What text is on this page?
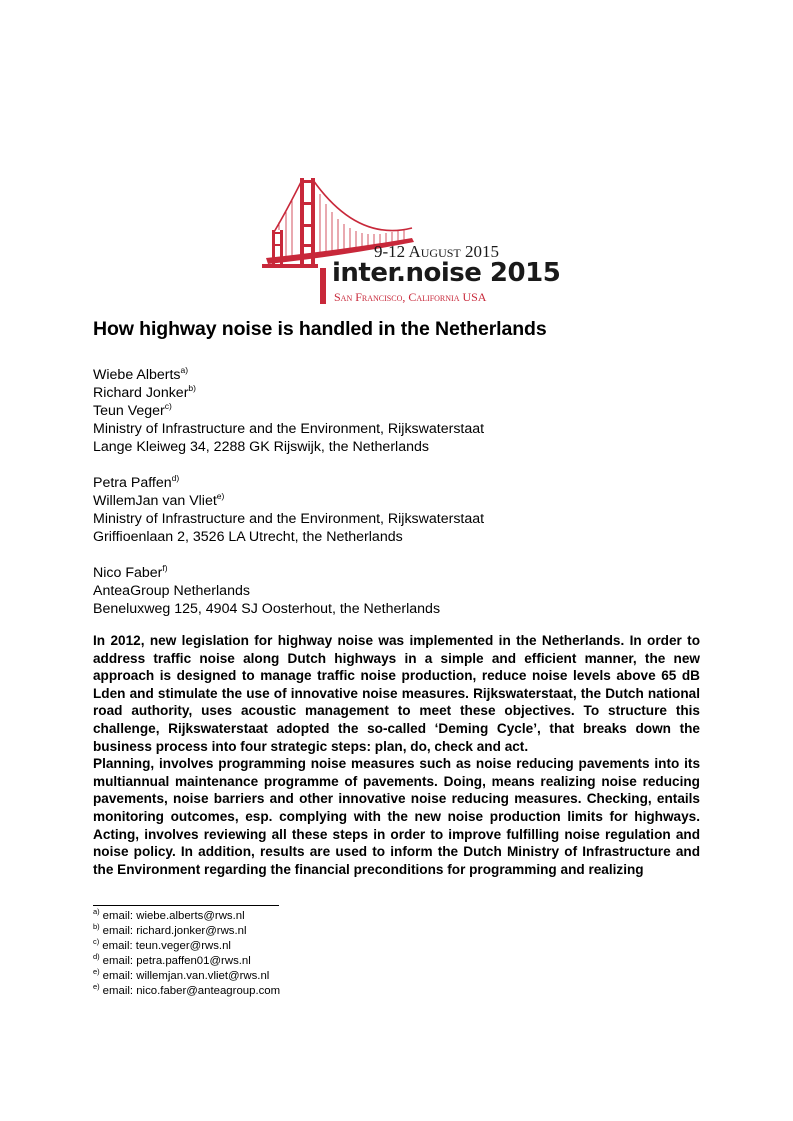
9-12 August 2015
inter.noise 2015
San Francisco, California USA
How highway noise is handled in the Netherlands
Wiebe Alberts$^{a)}$
Richard Jonker$^{b)}$
Teun Veger$^{c)}$
Ministry of Infrastructure and the Environment, Rijkswaterstaat
Lange Kleiweg 34, 2288 GK Rijswijk, the Netherlands
Petra Paffen$^{d)}$
WillemJan van Vliet$^{e)}$
Ministry of Infrastructure and the Environment, Rijkswaterstaat
Griffioenlaan 2, 3526 LA Utrecht, the Netherlands
Nico Faber$^{f)}$
AnteaGroup Netherlands
Beneluxweg 125, 4904 SJ Oosterhout, the Netherlands

In 2012, new legislation for highway noise was implemented in the Netherlands. In order to address traffic noise along Dutch highways in a simple and efficient manner, the new approach is designed to manage traffic noise production, reduce noise levels above 65 dB Lden and stimulate the use of innovative noise measures. Rijkswaterstaat, the Dutch national road authority, uses acoustic management to meet these objectives. To structure this challenge, Rijkswaterstaat adopted the so-called ‘Deming Cycle’, that breaks down the business process into four strategic steps: plan, do, check and act.

Planning, involves programming noise measures such as noise reducing pavements into its multiannual maintenance programme of pavements. Doing, means realizing noise reducing pavements, noise barriers and other innovative noise reducing measures. Checking, entails monitoring outcomes, esp. complying with the new noise production limits for highways. Acting, involves reviewing all these steps in order to improve fulfilling noise regulation and noise policy. In addition, results are used to inform the Dutch Ministry of Infrastructure and the Environment regarding the financial preconditions for programming and realizing

$^{a)}$ email: wiebe.alberts@rws.nl
$^{b)}$ email: richard.jonker@rws.nl
$^{c)}$ email: teun.veger@rws.nl
$^{d)}$ email: petra.paffen01@rws.nl
$^{e)}$ email: willemjan.van.vliet@rws.nl
$^{e)}$ email: nico.faber@anteagroup.com
